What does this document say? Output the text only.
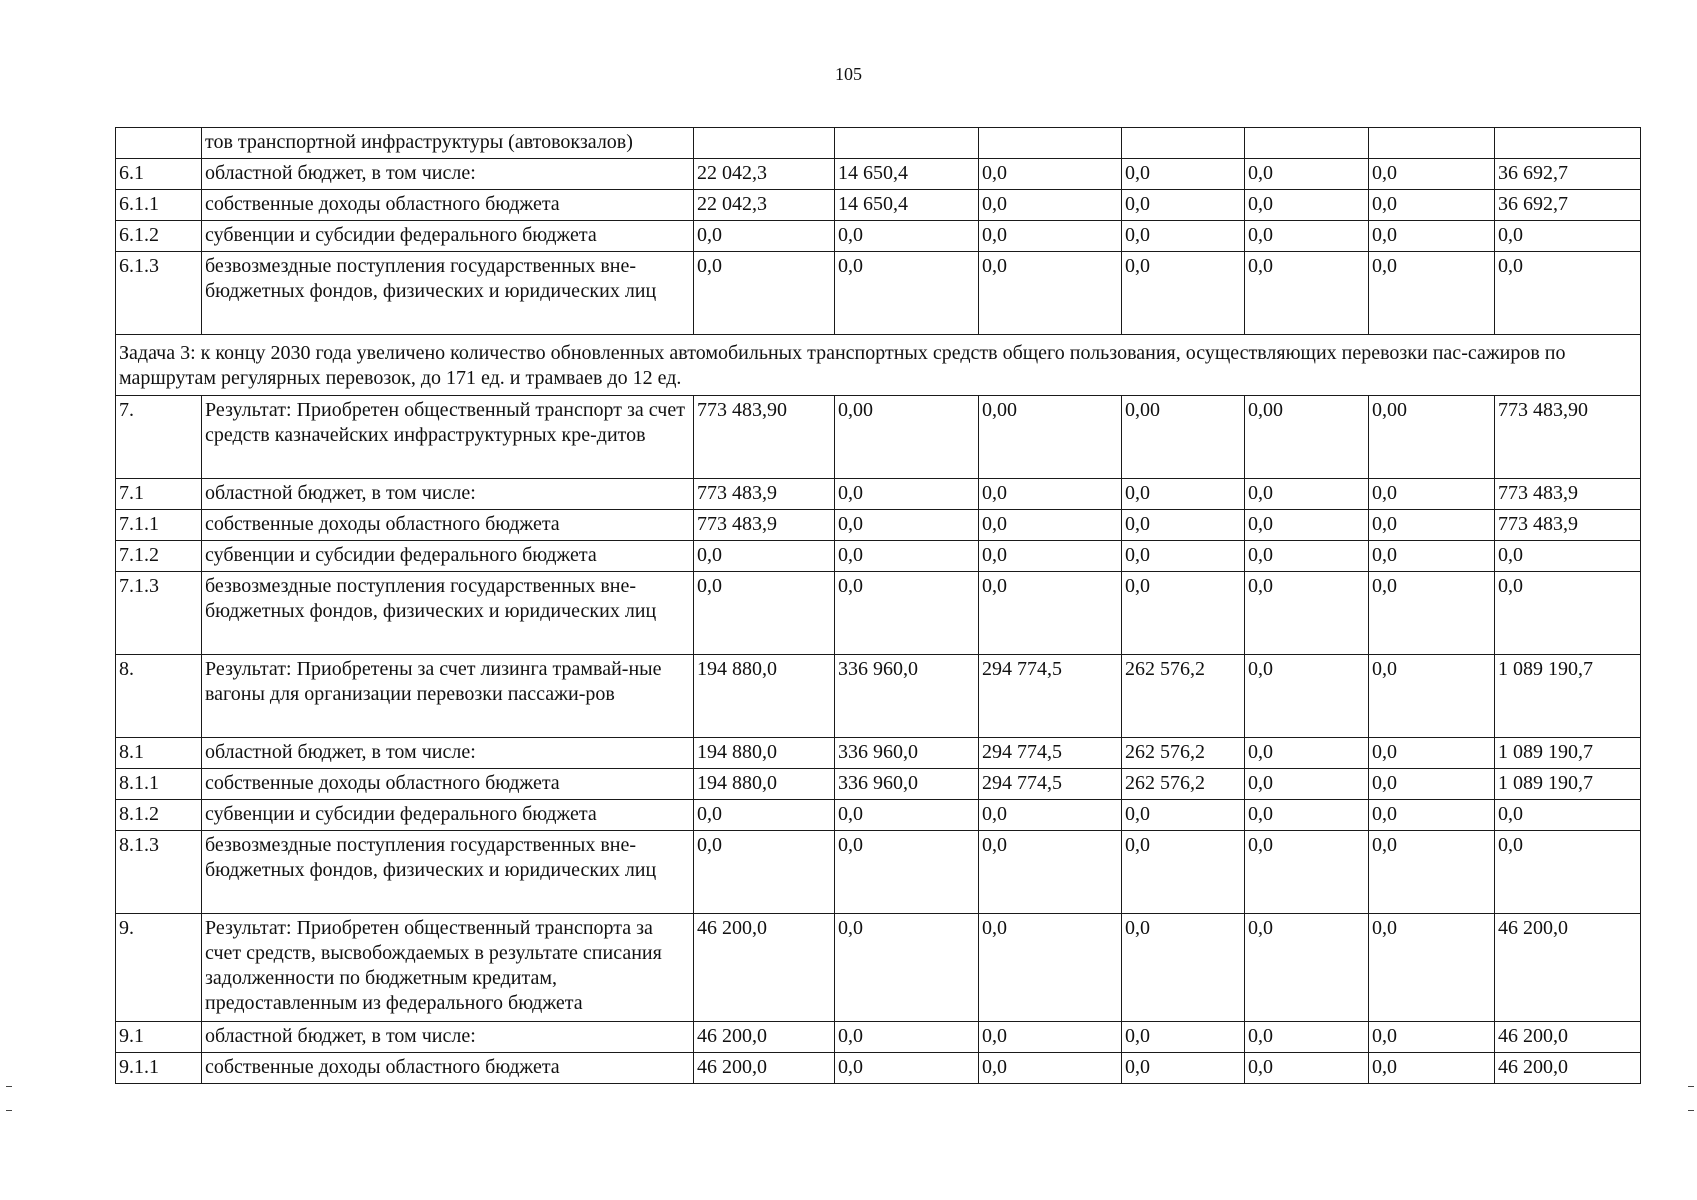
105
	тов транспортной инфраструктуры (автовокзалов)							
6.1	областной бюджет, в том числе:	22 042,3	14 650,4	0,0	0,0	0,0	0,0	36 692,7
6.1.1	собственные доходы областного бюджета	22 042,3	14 650,4	0,0	0,0	0,0	0,0	36 692,7
6.1.2	субвенции и субсидии федерального бюджета	0,0	0,0	0,0	0,0	0,0	0,0	0,0
6.1.3	безвозмездные поступления государственных вне-бюджетных фондов, физических и юридических лиц	0,0	0,0	0,0	0,0	0,0	0,0	0,0
Задача 3: к концу 2030 года увеличено количество обновленных автомобильных транспортных средств общего пользования, осуществляющих перевозки пас-сажиров по маршрутам регулярных перевозок, до 171 ед. и трамваев до 12 ед.								
7.	Результат: Приобретен общественный транспорт за счет средств казначейских инфраструктурных кре-дитов	773 483,90	0,00	0,00	0,00	0,00	0,00	773 483,90
7.1	областной бюджет, в том числе:	773 483,9	0,0	0,0	0,0	0,0	0,0	773 483,9
7.1.1	собственные доходы областного бюджета	773 483,9	0,0	0,0	0,0	0,0	0,0	773 483,9
7.1.2	субвенции и субсидии федерального бюджета	0,0	0,0	0,0	0,0	0,0	0,0	0,0
7.1.3	безвозмездные поступления государственных вне-бюджетных фондов, физических и юридических лиц	0,0	0,0	0,0	0,0	0,0	0,0	0,0
8.	Результат: Приобретены за счет лизинга трамвай-ные вагоны для организации перевозки пассажи-ров	194 880,0	336 960,0	294 774,5	262 576,2	0,0	0,0	1 089 190,7
8.1	областной бюджет, в том числе:	194 880,0	336 960,0	294 774,5	262 576,2	0,0	0,0	1 089 190,7
8.1.1	собственные доходы областного бюджета	194 880,0	336 960,0	294 774,5	262 576,2	0,0	0,0	1 089 190,7
8.1.2	субвенции и субсидии федерального бюджета	0,0	0,0	0,0	0,0	0,0	0,0	0,0
8.1.3	безвозмездные поступления государственных вне-бюджетных фондов, физических и юридических лиц	0,0	0,0	0,0	0,0	0,0	0,0	0,0
9.	Результат: Приобретен общественный транспорта за счет средств, высвобождаемых в результате списания задолженности по бюджетным кредитам, предоставленным из федерального бюджета	46 200,0	0,0	0,0	0,0	0,0	0,0	46 200,0
9.1	областной бюджет, в том числе:	46 200,0	0,0	0,0	0,0	0,0	0,0	46 200,0
9.1.1	собственные доходы областного бюджета	46 200,0	0,0	0,0	0,0	0,0	0,0	46 200,0
